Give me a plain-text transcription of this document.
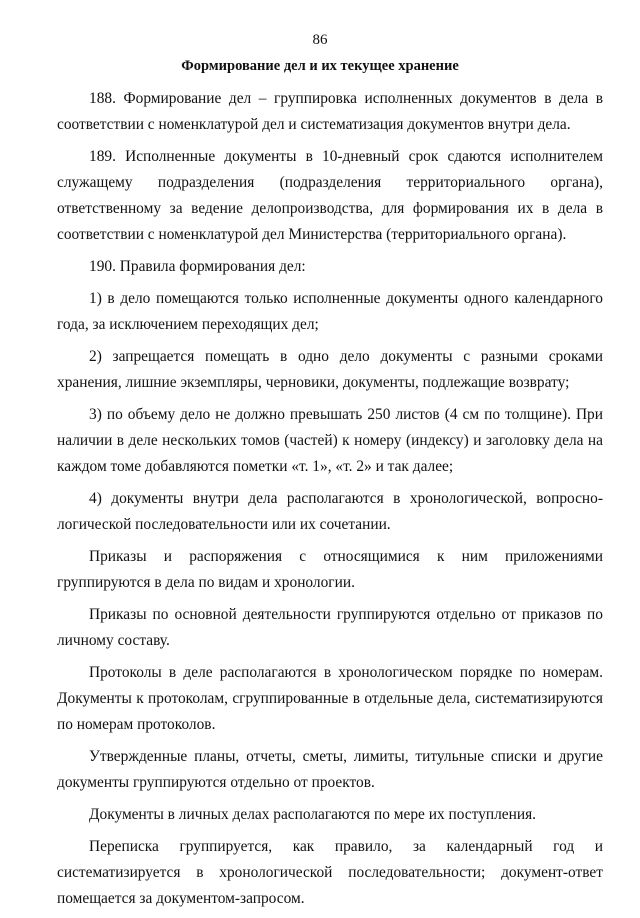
86
Формирование дел и их текущее хранение

188. Формирование дел – группировка исполненных документов в дела в соответствии с номенклатурой дел и систематизация документов внутри дела.

189. Исполненные документы в 10-дневный срок сдаются исполнителем служащему подразделения (подразделения территориального органа), ответственному за ведение делопроизводства, для формирования их в дела в соответствии с номенклатурой дел Министерства (территориального органа).

190. Правила формирования дел:

1) в дело помещаются только исполненные документы одного календарного года, за исключением переходящих дел;

2) запрещается помещать в одно дело документы с разными сроками хранения, лишние экземпляры, черновики, документы, подлежащие возврату;

3) по объему дело не должно превышать 250 листов (4 см по толщине). При наличии в деле нескольких томов (частей) к номеру (индексу) и заголовку дела на каждом томе добавляются пометки «т. 1», «т. 2» и так далее;

4) документы внутри дела располагаются в хронологической, вопросно-логической последовательности или их сочетании.

Приказы и распоряжения с относящимися к ним приложениями группируются в дела по видам и хронологии.

Приказы по основной деятельности группируются отдельно от приказов по личному составу.

Протоколы в деле располагаются в хронологическом порядке по номерам. Документы к протоколам, сгруппированные в отдельные дела, систематизируются по номерам протоколов.

Утвержденные планы, отчеты, сметы, лимиты, титульные списки и другие документы группируются отдельно от проектов.

Документы в личных делах располагаются по мере их поступления.

Переписка группируется, как правило, за календарный год и систематизируется в хронологической последовательности; документ-ответ помещается за документом-запросом.
